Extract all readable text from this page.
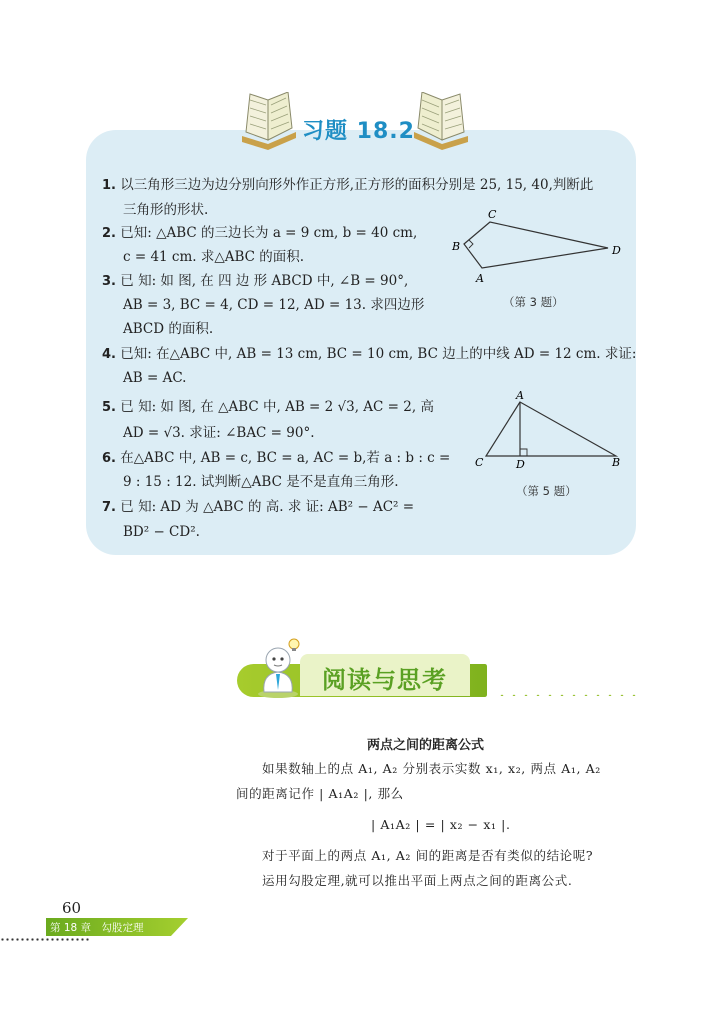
习题 18.2
1. 以三角形三边为边分别向形外作正方形,正方形的面积分别是 25, 15, 40,判断此
三角形的形状.
2. 已知: △ABC 的三边长为 a = 9 cm, b = 40 cm,
c = 41 cm. 求△ABC 的面积.
3. 已 知: 如 图, 在 四 边 形 ABCD 中, ∠B = 90°,
AB = 3, BC = 4, CD = 12, AD = 13. 求四边形
ABCD 的面积.
4. 已知: 在△ABC 中, AB = 13 cm, BC = 10 cm, BC 边上的中线 AD = 12 cm. 求证:
AB = AC.
5. 已 知: 如 图, 在 △ABC 中, AB = 2 √3, AC = 2, 高
AD = √3. 求证: ∠BAC = 90°.
6. 在△ABC 中, AB = c, BC = a, AC = b,若 a : b : c =
9 : 15 : 12. 试判断△ABC 是不是直角三角形.
7. 已 知: AD 为 △ABC 的 高. 求 证: AB² − AC² =
BD² − CD².
C
B
A
D
（第 3 题）
A
C	D	B
（第 5 题）
阅读与思考
两点之间的距离公式
如果数轴上的点 A₁, A₂ 分别表示实数 x₁, x₂, 两点 A₁, A₂
间的距离记作 | A₁A₂ |, 那么
| A₁A₂ | = | x₂ − x₁ |.
对于平面上的两点 A₁, A₂ 间的距离是否有类似的结论呢?
运用勾股定理,就可以推出平面上两点之间的距离公式.
60
第 18 章　勾股定理
